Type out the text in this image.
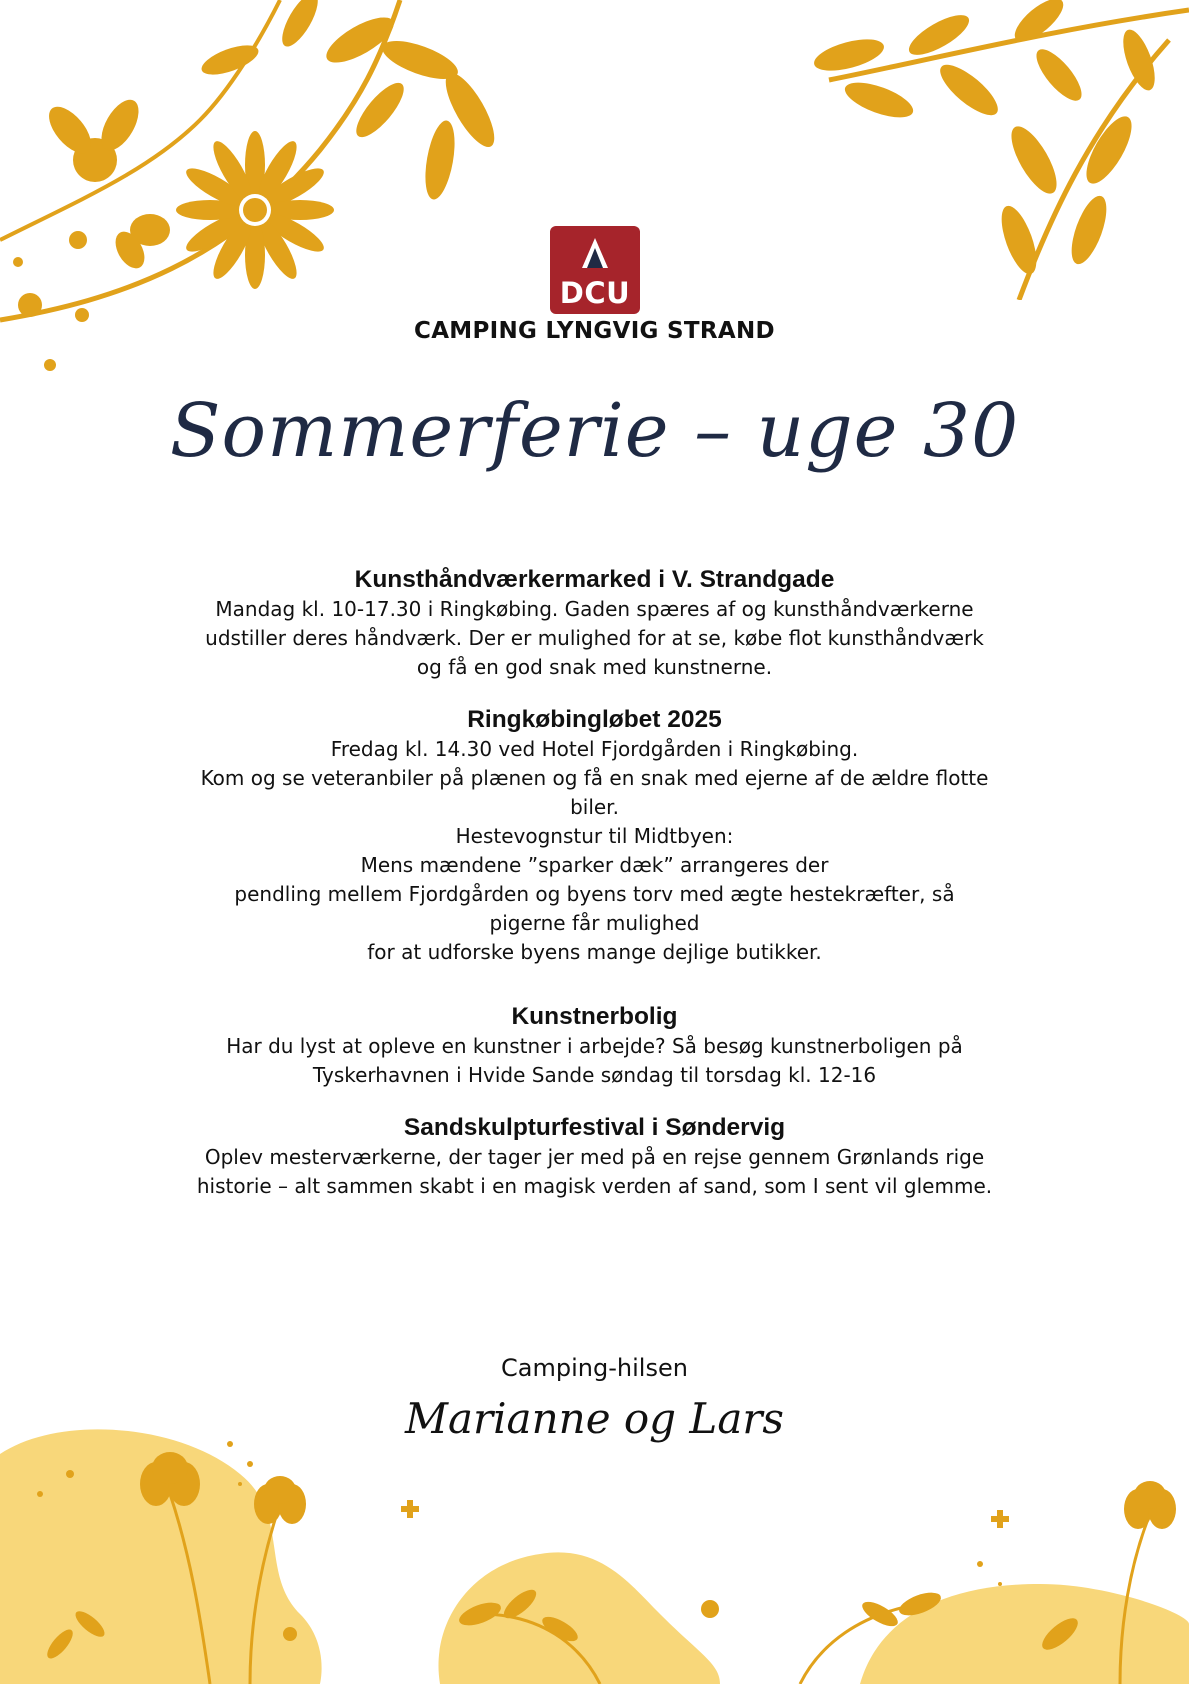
DCU
CAMPING LYNGVIG STRAND
Sommerferie – uge 30
Kunsthåndværkermarked i V. Strandgade

Mandag kl. 10-17.30 i Ringkøbing. Gaden spæres af og kunsthåndværkerne

udstiller deres håndværk. Der er mulighed for at se, købe flot kunsthåndværk

og få en god snak med kunstnerne.

Ringkøbingløbet 2025

Fredag kl. 14.30 ved Hotel Fjordgården i Ringkøbing.

Kom og se veteranbiler på plænen og få en snak med ejerne af de ældre flotte

biler.

Hestevognstur til Midtbyen:

Mens mændene ”sparker dæk” arrangeres der

pendling mellem Fjordgården og byens torv med ægte hestekræfter, så

pigerne får mulighed

for at udforske byens mange dejlige butikker.

Kunstnerbolig

Har du lyst at opleve en kunstner i arbejde? Så besøg kunstnerboligen på

Tyskerhavnen i Hvide Sande søndag til torsdag kl. 12-16

Sandskulpturfestival i Søndervig

Oplev mesterværkerne, der tager jer med på en rejse gennem Grønlands rige

historie – alt sammen skabt i en magisk verden af sand, som I sent vil glemme.

Camping-hilsen
Marianne og Lars
